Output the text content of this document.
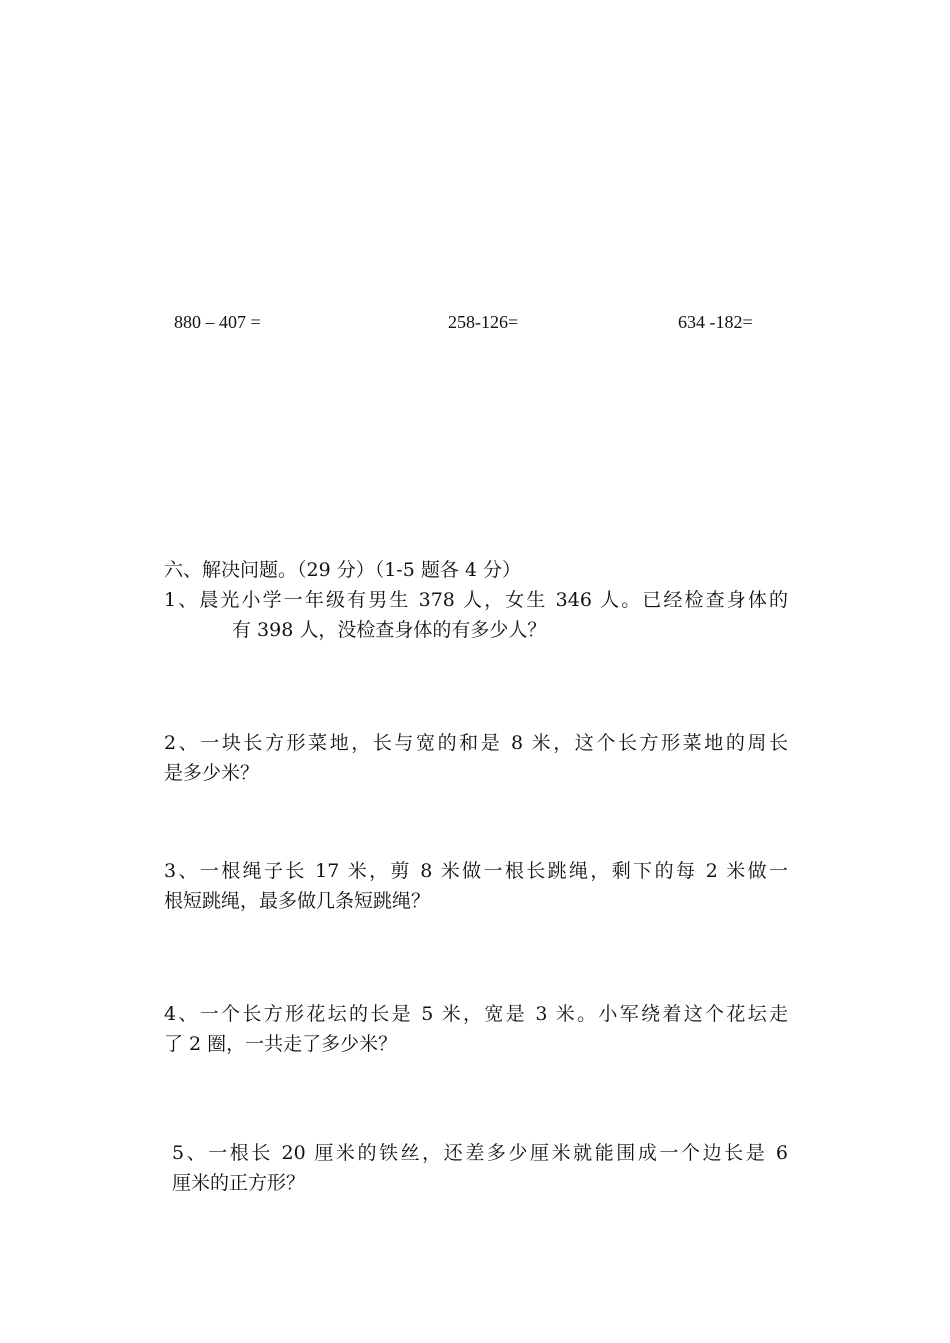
880 – 407 =	258-126=	634 -182=
六、解决问题。（29 分）（1-5 题各 4 分）
1、晨光小学一年级有男生 378 人，女生 346 人。已经检查身体的
有 398 人，没检查身体的有多少人？
2、一块长方形菜地，长与宽的和是 8 米，这个长方形菜地的周长
是多少米？
3、一根绳子长 17 米，剪 8 米做一根长跳绳，剩下的每 2 米做一
根短跳绳，最多做几条短跳绳？
4、一个长方形花坛的长是 5 米，宽是 3 米。小军绕着这个花坛走
了 2 圈，一共走了多少米？
5、一根长 20 厘米的铁丝，还差多少厘米就能围成一个边长是 6
厘米的正方形？
